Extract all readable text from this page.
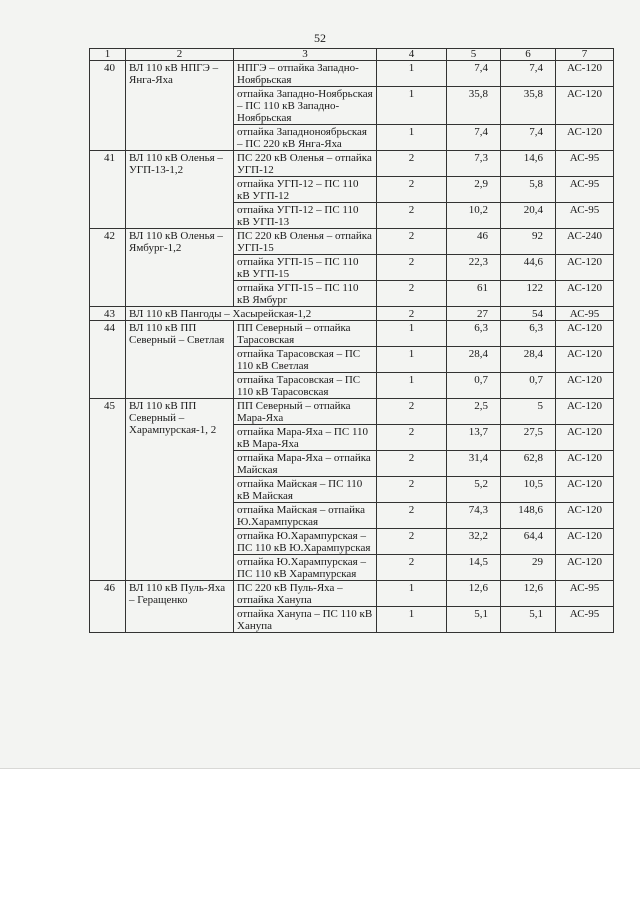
52
1	2	3	4	5	6	7
40	ВЛ 110 кВ НПГЭ – Янга-Яха	НПГЭ – отпайка Западно-Ноябрьская	1	7,4	7,4	АС-120
		отпайка Западно-Ноябрьская – ПС 110 кВ Западно-Ноябрьская	1	35,8	35,8	АС-120
		отпайка Западноноябрьская – ПС 220 кВ Янга-Яха	1	7,4	7,4	АС-120
41	ВЛ 110 кВ Оленья – УГП-13-1,2	ПС 220 кВ Оленья – отпайка УГП-12	2	7,3	14,6	АС-95
		отпайка УГП-12 – ПС 110 кВ УГП-12	2	2,9	5,8	АС-95
		отпайка УГП-12 – ПС 110 кВ УГП-13	2	10,2	20,4	АС-95
42	ВЛ 110 кВ Оленья – Ямбург-1,2	ПС 220 кВ Оленья – отпайка УГП-15	2	46	92	АС-240
		отпайка УГП-15 – ПС 110 кВ УГП-15	2	22,3	44,6	АС-120
		отпайка УГП-15 – ПС 110 кВ Ямбург	2	61	122	АС-120
43	ВЛ 110 кВ Пангоды – Хасырейская-1,2		2	27	54	АС-95
44	ВЛ 110 кВ ПП Северный – Светлая	ПП Северный – отпайка Тарасовская	1	6,3	6,3	АС-120
		отпайка Тарасовская – ПС 110 кВ Светлая	1	28,4	28,4	АС-120
		отпайка Тарасовская – ПС 110 кВ Тарасовская	1	0,7	0,7	АС-120
45	ВЛ 110 кВ ПП Северный – Харампурская-1, 2	ПП Северный – отпайка Мара-Яха	2	2,5	5	АС-120
		отпайка Мара-Яха – ПС 110 кВ Мара-Яха	2	13,7	27,5	АС-120
		отпайка Мара-Яха – отпайка Майская	2	31,4	62,8	АС-120
		отпайка Майская – ПС 110 кВ Майская	2	5,2	10,5	АС-120
		отпайка Майская – отпайка Ю.Харампурская	2	74,3	148,6	АС-120
		отпайка Ю.Харампурская – ПС 110 кВ Ю.Харампурская	2	32,2	64,4	АС-120
		отпайка Ю.Харампурская – ПС 110 кВ Харампурская	2	14,5	29	АС-120
46	ВЛ 110 кВ Пуль-Яха – Геращенко	ПС 220 кВ Пуль-Яха – отпайка Ханупа	1	12,6	12,6	АС-95
		отпайка Ханупа – ПС 110 кВ Ханупа	1	5,1	5,1	АС-95
